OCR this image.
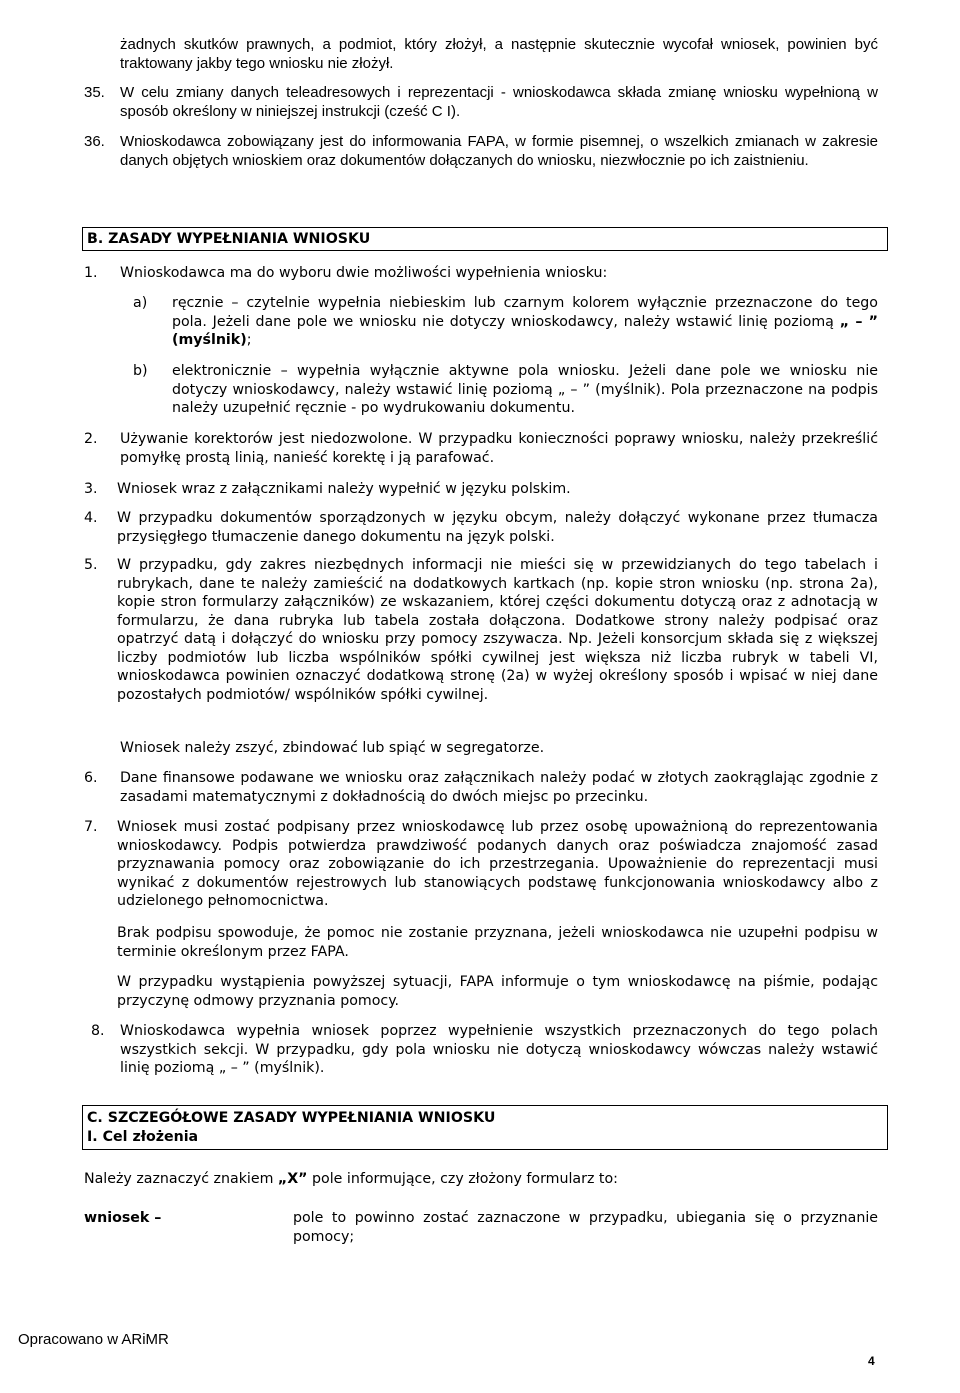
żadnych skutków prawnych, a podmiot, który złożył, a następnie skutecznie wycofał wniosek, powinien być traktowany jakby tego wniosku nie złożył.
35. W celu zmiany danych teleadresowych i reprezentacji - wnioskodawca składa zmianę wniosku wypełnioną w sposób określony w niniejszej instrukcji (cześć C I).
36. Wnioskodawca zobowiązany jest do informowania FAPA, w formie pisemnej, o wszelkich zmianach w zakresie danych objętych wnioskiem oraz dokumentów dołączanych do wniosku, niezwłocznie po ich zaistnieniu.
B. ZASADY WYPEŁNIANIA WNIOSKU
1. Wnioskodawca ma do wyboru dwie możliwości wypełnienia wniosku:
a) ręcznie – czytelnie wypełnia niebieskim lub czarnym kolorem wyłącznie przeznaczone do tego pola. Jeżeli dane pole we wniosku nie dotyczy wnioskodawcy, należy wstawić linię poziomą „ – ” (myślnik);
b) elektronicznie – wypełnia wyłącznie aktywne pola wniosku. Jeżeli dane pole we wniosku nie dotyczy wnioskodawcy, należy wstawić linię poziomą „ – ” (myślnik). Pola przeznaczone na podpis należy uzupełnić ręcznie - po wydrukowaniu dokumentu.
2. Używanie korektorów jest niedozwolone. W przypadku konieczności poprawy wniosku, należy przekreślić pomyłkę prostą linią, nanieść korektę i ją parafować.
3. Wniosek wraz z załącznikami należy wypełnić w języku polskim.
4. W przypadku dokumentów sporządzonych w języku obcym, należy dołączyć wykonane przez tłumacza przysięgłego tłumaczenie danego dokumentu na język polski.
5. W przypadku, gdy zakres niezbędnych informacji nie mieści się w przewidzianych do tego tabelach i rubrykach, dane te należy zamieścić na dodatkowych kartkach (np. kopie stron wniosku (np. strona 2a), kopie stron formularzy załączników) ze wskazaniem, której części dokumentu dotyczą oraz z adnotacją w formularzu, że dana rubryka lub tabela została dołączona. Dodatkowe strony należy podpisać oraz opatrzyć datą i dołączyć do wniosku przy pomocy zszywacza. Np. Jeżeli konsorcjum składa się z większej liczby podmiotów lub liczba wspólników spółki cywilnej jest większa niż liczba rubryk w tabeli VI, wnioskodawca powinien oznaczyć dodatkową stronę (2a) w wyżej określony sposób i wpisać w niej dane pozostałych podmiotów/ wspólników spółki cywilnej.
Wniosek należy zszyć, zbindować lub spiąć w segregatorze.
6. Dane finansowe podawane we wniosku oraz załącznikach należy podać w złotych zaokrąglając zgodnie z zasadami matematycznymi z dokładnością do dwóch miejsc po przecinku.
7. Wniosek musi zostać podpisany przez wnioskodawcę lub przez osobę upoważnioną do reprezentowania wnioskodawcy. Podpis potwierdza prawdziwość podanych danych oraz poświadcza znajomość zasad przyznawania pomocy oraz zobowiązanie do ich przestrzegania. Upoważnienie do reprezentacji musi wynikać z dokumentów rejestrowych lub stanowiących podstawę funkcjonowania wnioskodawcy albo z udzielonego pełnomocnictwa.
Brak podpisu spowoduje, że pomoc nie zostanie przyznana, jeżeli wnioskodawca nie uzupełni podpisu w terminie określonym przez FAPA.
W przypadku wystąpienia powyższej sytuacji, FAPA informuje o tym wnioskodawcę na piśmie, podając przyczynę odmowy przyznania pomocy.
8. Wnioskodawca wypełnia wniosek poprzez wypełnienie wszystkich przeznaczonych do tego polach wszystkich sekcji. W przypadku, gdy pola wniosku nie dotyczą wnioskodawcy wówczas należy wstawić linię poziomą „ – ” (myślnik).
C. SZCZEGÓŁOWE ZASADY WYPEŁNIANIA WNIOSKU
I. Cel złożenia
Należy zaznaczyć znakiem „X” pole informujące, czy złożony formularz to:
wniosek –	pole to powinno zostać zaznaczone w przypadku, ubiegania się o przyznanie pomocy;
Opracowano w ARiMR
4
